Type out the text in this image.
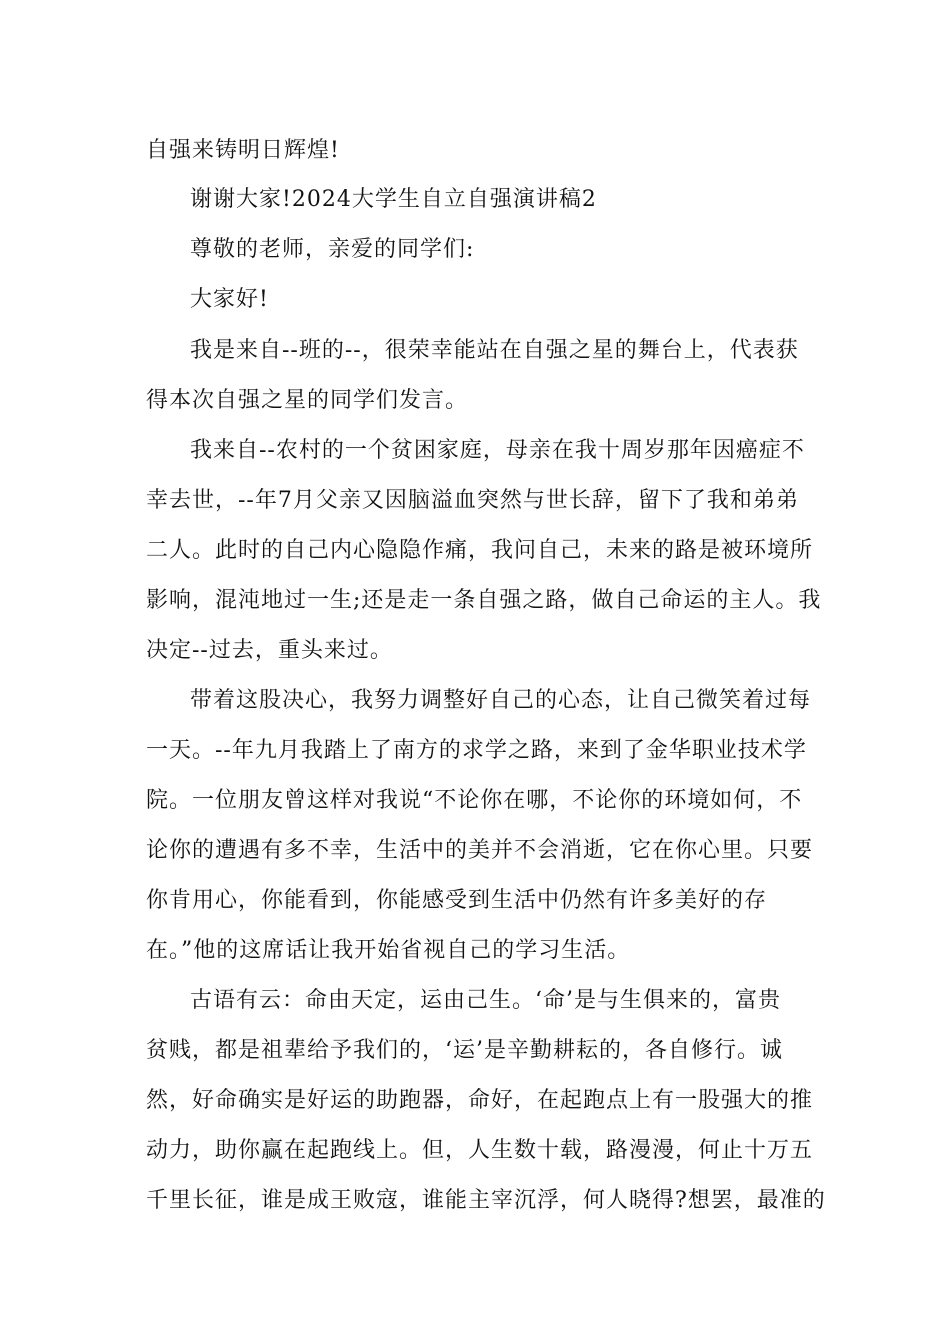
自强来铸明日辉煌!
谢谢大家!2024大学生自立自强演讲稿2
尊敬的老师，亲爱的同学们:
大家好!
我是来自--班的--，很荣幸能站在自强之星的舞台上，代表获
得本次自强之星的同学们发言。
我来自--农村的一个贫困家庭，母亲在我十周岁那年因癌症不
幸去世，--年7月父亲又因脑溢血突然与世长辞，留下了我和弟弟
二人。此时的自己内心隐隐作痛，我问自己，未来的路是被环境所
影响，混沌地过一生;还是走一条自强之路，做自己命运的主人。我
决定--过去，重头来过。
带着这股决心，我努力调整好自己的心态，让自己微笑着过每
一天。--年九月我踏上了南方的求学之路，来到了金华职业技术学
院。一位朋友曾这样对我说“不论你在哪，不论你的环境如何，不
论你的遭遇有多不幸，生活中的美并不会消逝，它在你心里。只要
你肯用心，你能看到，你能感受到生活中仍然有许多美好的存
在。”他的这席话让我开始省视自己的学习生活。
古语有云：命由天定，运由己生。‘命’是与生俱来的，富贵
贫贱，都是祖辈给予我们的，‘运’是辛勤耕耘的，各自修行。诚
然，好命确实是好运的助跑器，命好，在起跑点上有一股强大的推
动力，助你赢在起跑线上。但，人生数十载，路漫漫，何止十万五
千里长征，谁是成王败寇，谁能主宰沉浮，何人晓得?想罢，最准的
